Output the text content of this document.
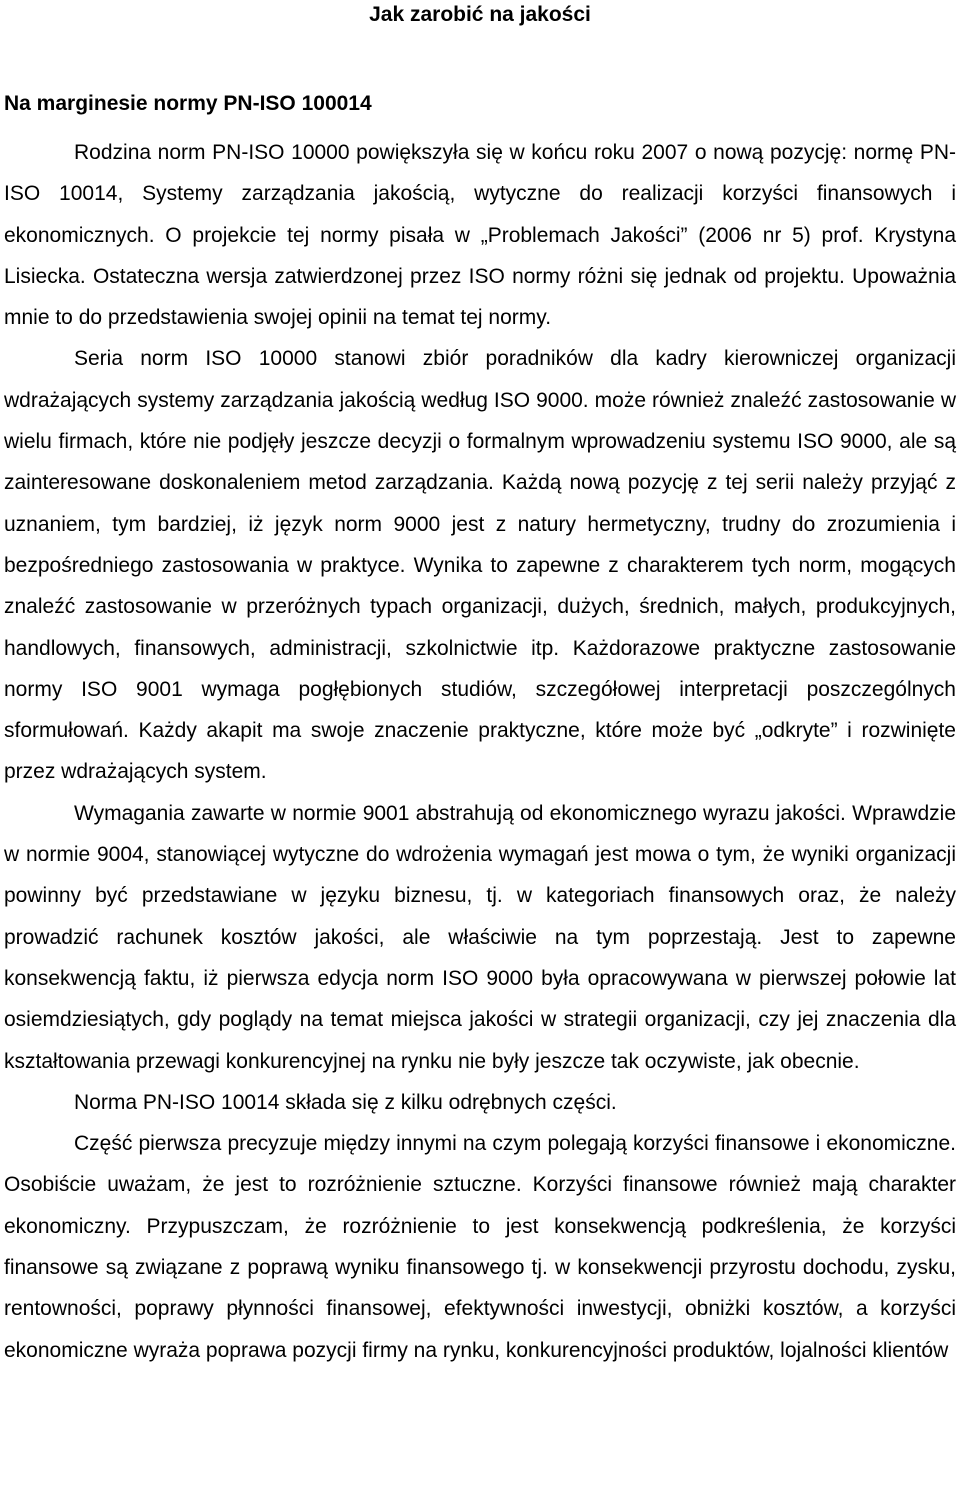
Jak zarobić na jakości
Na marginesie normy PN-ISO 100014

Rodzina norm PN-ISO 10000 powiększyła się w końcu roku 2007 o nową pozycję: normę PN-ISO 10014, Systemy zarządzania jakością, wytyczne do realizacji korzyści finansowych i ekonomicznych. O projekcie tej normy pisała w „Problemach Jakości” (2006 nr 5) prof. Krystyna Lisiecka. Ostateczna wersja zatwierdzonej przez ISO normy różni się jednak od projektu. Upoważnia mnie to do przedstawienia swojej opinii na temat tej normy.

Seria norm ISO 10000 stanowi zbiór poradników dla kadry kierowniczej organizacji wdrażających systemy zarządzania jakością według ISO 9000. może również znaleźć zastosowanie w wielu firmach, które nie podjęły jeszcze decyzji o formalnym wprowadzeniu systemu ISO 9000, ale są zainteresowane doskonaleniem metod zarządzania. Każdą nową pozycję z tej serii należy przyjąć z uznaniem, tym bardziej, iż język norm 9000 jest z natury hermetyczny, trudny do zrozumienia i bezpośredniego zastosowania w praktyce. Wynika to zapewne z charakterem tych norm, mogących znaleźć zastosowanie w przeróżnych typach organizacji, dużych, średnich, małych, produkcyjnych, handlowych, finansowych, administracji, szkolnictwie itp. Każdorazowe praktyczne zastosowanie normy ISO 9001 wymaga pogłębionych studiów, szczegółowej interpretacji poszczególnych sformułowań. Każdy akapit ma swoje znaczenie praktyczne, które może być „odkryte” i rozwinięte przez wdrażających system.

Wymagania zawarte w normie 9001 abstrahują od ekonomicznego wyrazu jakości. Wprawdzie w normie 9004, stanowiącej wytyczne do wdrożenia wymagań jest mowa o tym, że wyniki organizacji powinny być przedstawiane w języku biznesu, tj. w kategoriach finansowych oraz, że należy prowadzić rachunek kosztów jakości, ale właściwie na tym poprzestają. Jest to zapewne konsekwencją faktu, iż pierwsza edycja norm ISO 9000 była opracowywana w pierwszej połowie lat osiemdziesiątych, gdy poglądy na temat miejsca jakości w strategii organizacji, czy jej znaczenia dla kształtowania przewagi konkurencyjnej na rynku nie były jeszcze tak oczywiste, jak obecnie.

Norma PN-ISO 10014 składa się z kilku odrębnych części.

Część pierwsza precyzuje między innymi na czym polegają korzyści finansowe i ekonomiczne. Osobiście uważam, że jest to rozróżnienie sztuczne. Korzyści finansowe również mają charakter ekonomiczny. Przypuszczam, że rozróżnienie to jest konsekwencją podkreślenia, że korzyści finansowe są związane z poprawą wyniku finansowego tj. w konsekwencji przyrostu dochodu, zysku, rentowności, poprawy płynności finansowej, efektywności inwestycji, obniżki kosztów, a korzyści ekonomiczne wyraża poprawa pozycji firmy na rynku, konkurencyjności produktów, lojalności klientów
